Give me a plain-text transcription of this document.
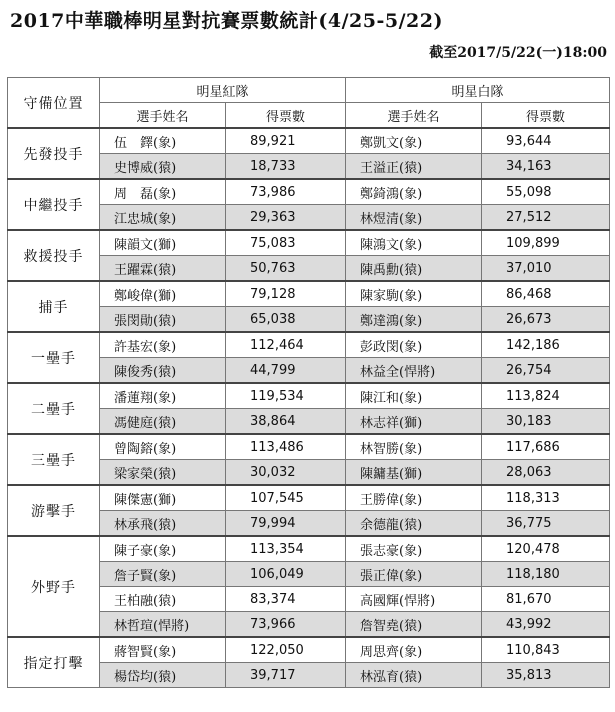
2017中華職棒明星對抗賽票數統計(4/25-5/22)
截至2017/5/22(一)18:00
守備位置	明星紅隊		明星白隊	
	選手姓名	得票數	選手姓名	得票數
先發投手	伍　鐸(象)	89,921	鄭凱文(象)	93,644
	史博威(猿)	18,733	王溢正(猿)	34,163
中繼投手	周　磊(象)	73,986	鄭錡鴻(象)	55,098
	江忠城(象)	29,363	林煜清(象)	27,512
救援投手	陳韻文(獅)	75,083	陳鴻文(象)	109,899
	王躍霖(猿)	50,763	陳禹勳(猿)	37,010
捕手	鄭峻偉(獅)	79,128	陳家駒(象)	86,468
	張閔勛(猿)	65,038	鄭達鴻(象)	26,673
一壘手	許基宏(象)	112,464	彭政閔(象)	142,186
	陳俊秀(猿)	44,799	林益全(悍將)	26,754
二壘手	潘蓮翔(象)	119,534	陳江和(象)	113,824
	馮健庭(猿)	38,864	林志祥(獅)	30,183
三壘手	曾陶鎔(象)	113,486	林智勝(象)	117,686
	梁家榮(猿)	30,032	陳鏞基(獅)	28,063
游擊手	陳傑憲(獅)	107,545	王勝偉(象)	118,313
	林承飛(猿)	79,994	余德龍(猿)	36,775
外野手	陳子豪(象)	113,354	張志豪(象)	120,478
	詹子賢(象)	106,049	張正偉(象)	118,180
	王柏融(猿)	83,374	高國輝(悍將)	81,670
	林哲瑄(悍將)	73,966	詹智堯(猿)	43,992
指定打擊	蔣智賢(象)	122,050	周思齊(象)	110,843
	楊岱均(猿)	39,717	林泓育(猿)	35,813
